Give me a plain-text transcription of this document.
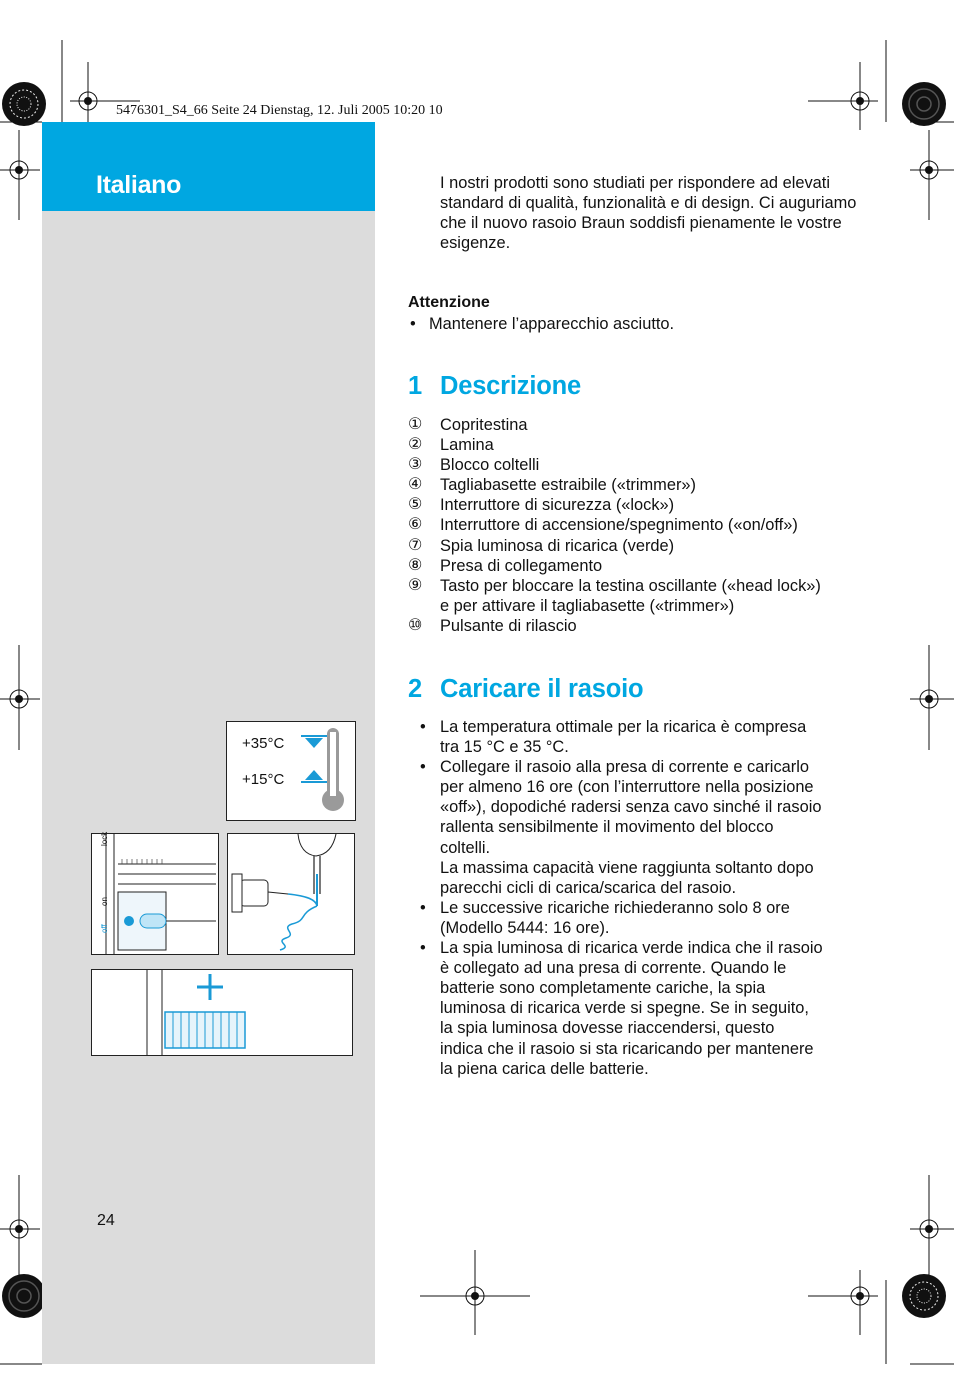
5476301_S4_66 Seite 24 Dienstag, 12. Juli 2005 10:20 10
Italiano
+35°C
+15°C
lock
on
off
24
I nostri prodotti sono studiati per rispondere ad elevati standard di qualità, funzionalità e di design. Ci auguriamo che il nuovo rasoio Braun soddisfi pienamente le vostre esigenze.
Attenzione
• Mantenere l’apparecchio asciutto.
1 Descrizione
①	Copritestina
②	Lamina
③	Blocco coltelli
④	Tagliabasette estraibile («trimmer»)
⑤	Interruttore di sicurezza («lock»)
⑥	Interruttore di accensione/spegnimento («on/off»)
⑦	Spia luminosa di ricarica (verde)
⑧	Presa di collegamento
⑨	Tasto per bloccare la testina oscillante («head lock»)
e per attivare il tagliabasette («trimmer»)
⑩	Pulsante di rilascio
2 Caricare il rasoio
• La temperatura ottimale per la ricarica è compresa
tra 15 °C e 35 °C.

• Collegare il rasoio alla presa di corrente e caricarlo
per almeno 16 ore (con l’interruttore nella posizione
«off»), dopodiché radersi senza cavo sinché il rasoio
rallenta sensibilmente il movimento del blocco
coltelli.
La massima capacità viene raggiunta soltanto dopo
parecchi cicli di carica/scarica del rasoio.

• Le successive ricariche richiederanno solo 8 ore
(Modello 5444: 16 ore).

• La spia luminosa di ricarica verde indica che il rasoio
è collegato ad una presa di corrente. Quando le
batterie sono completamente cariche, la spia
luminosa di ricarica verde si spegne. Se in seguito,
la spia luminosa dovesse riaccendersi, questo
indica che il rasoio si sta ricaricando per mantenere
la piena carica delle batterie.
